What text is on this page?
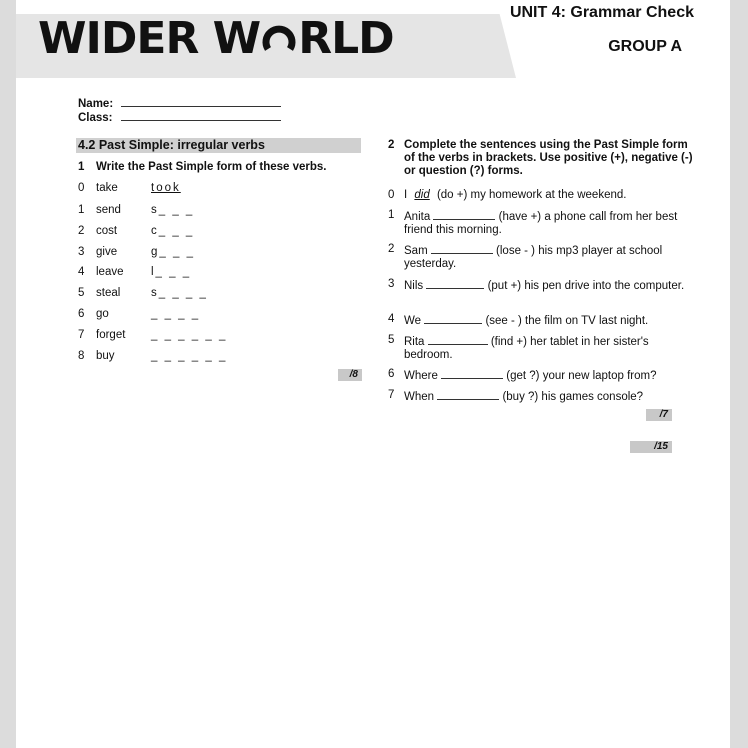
WIDER W RLD
UNIT 4: Grammar Check
GROUP A
Name:
Class:
4.2 Past Simple: irregular verbs
1 Write the Past Simple form of these verbs.
0 take	took
1 send	s_ _ _
2 cost	c_ _ _
3 give	g_ _ _
4 leave l_ _ _
5 steal	s_ _ _ _
6 go	_ _ _ _
7 forget _ _ _ _ _ _
8 buy	_ _ _ _ _ _
/8
2 Complete the sentences using the Past Simple form of the verbs in brackets. Use positive (+), negative (-) or question (?) forms.
0 I did (do +) my homework at the weekend.
1 Anita	(have +) a phone call from her best friend this morning.
2 Sam	(lose - ) his mp3 player at school yesterday.
3 Nils	(put +) his pen drive into the computer.
4 We	(see - ) the film on TV last night.
5 Rita	(find +) her tablet in her sister's bedroom.
6 Where	(get ?) your new laptop from?
7 When	(buy ?) his games console?
/7
/15
